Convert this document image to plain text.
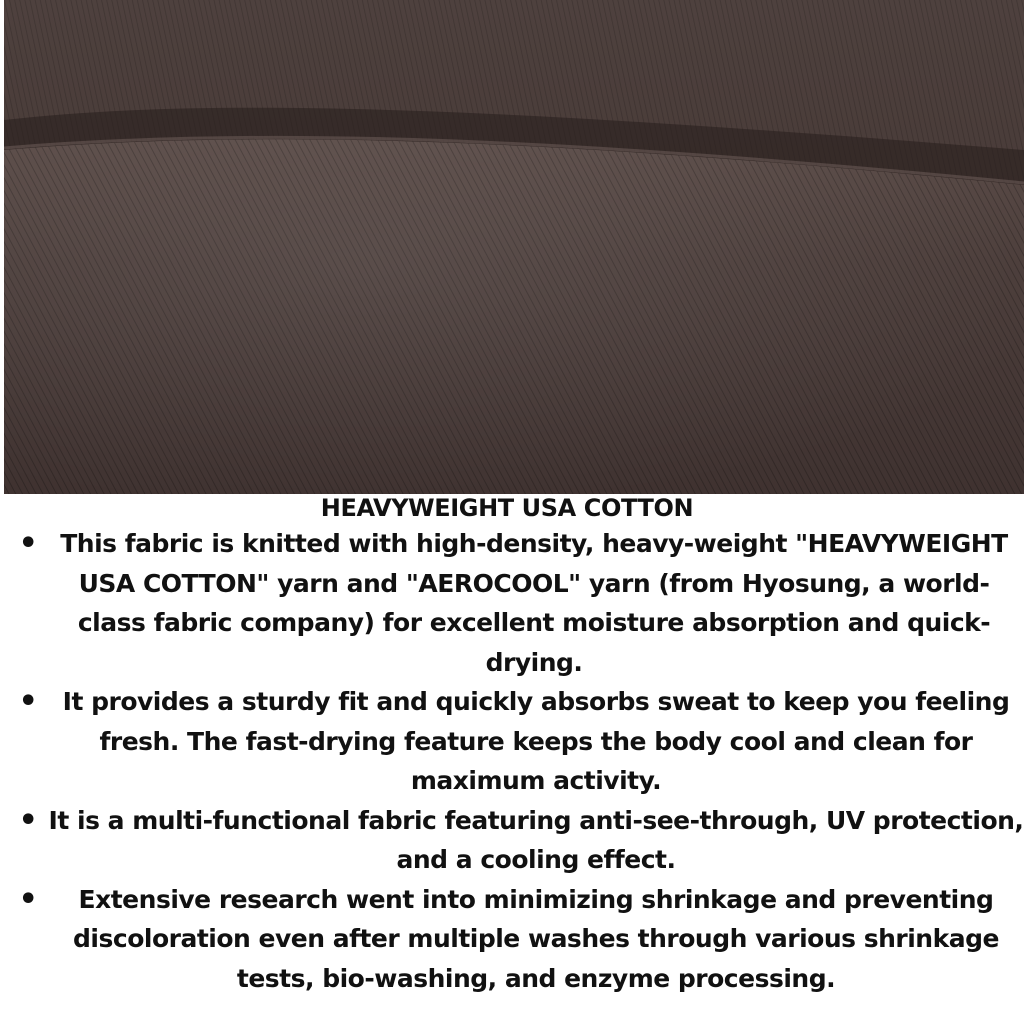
HEAVYWEIGHT USA COTTON
• This fabric is knitted with high-density, heavy-weight "HEAVYWEIGHT USA COTTON" yarn and "AEROCOOL" yarn (from Hyosung, a world-class fabric company) for excellent moisture absorption and quick-drying.
•	It provides a sturdy fit and quickly absorbs sweat to keep you feeling fresh. The fast-drying feature keeps the body cool and clean for maximum activity.
• It is a multi-functional fabric featuring anti-see-through, UV protection, and a cooling effect.
•	Extensive research went into minimizing shrinkage and preventing discoloration even after multiple washes through various shrinkage tests, bio-washing, and enzyme processing.
